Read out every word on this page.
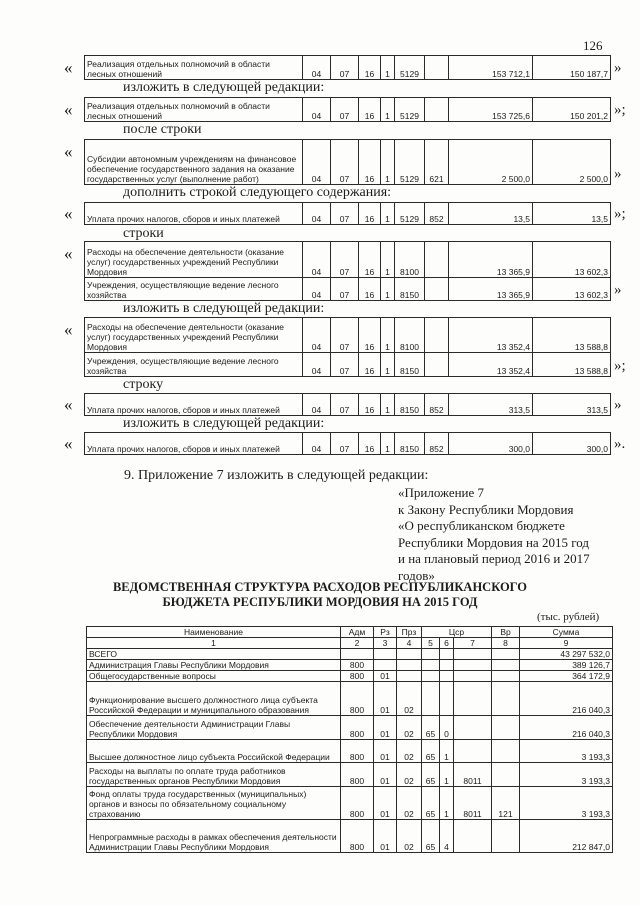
126
«	Реализация отдельных полномочий в области лесных отношений	04	07	16	1	5129		153 712,1	150 187,7 »
изложить в следующей редакции:
«	Реализация отдельных полномочий в области лесных отношений	04	07	16	1	5129		153 725,6	150 201,2 »;
после строки
«	Субсидии автономным учреждениям на финансовое обеспечение государственного задания на оказание государственных услуг (выполнение работ)	04	07	16	1	5129	621	2 500,0	2 500,0 »
дополнить строкой следующего содержания:
«	Уплата прочих налогов, сборов и иных платежей	04	07	16	1	5129	852	13,5	13,5 »;
строки
«	Расходы на обеспечение деятельности (оказание услуг) государственных учреждений Республики Мордовия	04	07	16	1	8100		13 365,9	13 602,3
Учреждения, осуществляющие ведение лесного хозяйства	04	07	16	1	8150		13 365,9	13 602,3 »
изложить в следующей редакции:
«	Расходы на обеспечение деятельности (оказание услуг) государственных учреждений Республики Мордовия	04	07	16	1	8100		13 352,4	13 588,8
Учреждения, осуществляющие ведение лесного хозяйства	04	07	16	1	8150		13 352,4	13 588,8 »;
строку
«	Уплата прочих налогов, сборов и иных платежей	04	07	16	1	8150	852	313,5	313,5 »
изложить в следующей редакции:
«	Уплата прочих налогов, сборов и иных платежей	04	07	16	1	8150	852	300,0	300,0 ».
9. Приложение 7 изложить в следующей редакции:
«Приложение 7
к Закону Республики Мордовия
«О республиканском бюджете
Республики Мордовия на 2015 год
и на плановый период 2016 и 2017
годов»
ВЕДОМСТВЕННАЯ СТРУКТУРА РАСХОДОВ РЕСПУБЛИКАНСКОГО
БЮДЖЕТА РЕСПУБЛИКИ МОРДОВИЯ НА 2015 ГОД
(тыс. рублей)
Наименование	Адм	Рз	Прз	Цср			Вр	Сумма
1	2	3	4	5	6	7	8	9
ВСЕГО								43 297 532,0
Администрация Главы Республики Мордовия	800							389 126,7
Общегосударственные вопросы	800	01						364 172,9
Функционирование высшего должностного лица субъекта Российской Федерации и муниципального образования	800	01	02					216 040,3
Обеспечение деятельности Администрации Главы Республики Мордовия	800	01	02	65	0			216 040,3
Высшее должностное лицо субъекта Российской Федерации	800	01	02	65	1			3 193,3
Расходы на выплаты по оплате труда работников государственных органов Республики Мордовия	800	01	02	65	1	8011		3 193,3
Фонд оплаты труда государственных (муниципальных) органов и взносы по обязательному социальному страхованию	800	01	02	65	1	8011	121	3 193,3
Непрограммные расходы в рамках обеспечения деятельности Администрации Главы Республики Мордовия	800	01	02	65	4			212 847,0
